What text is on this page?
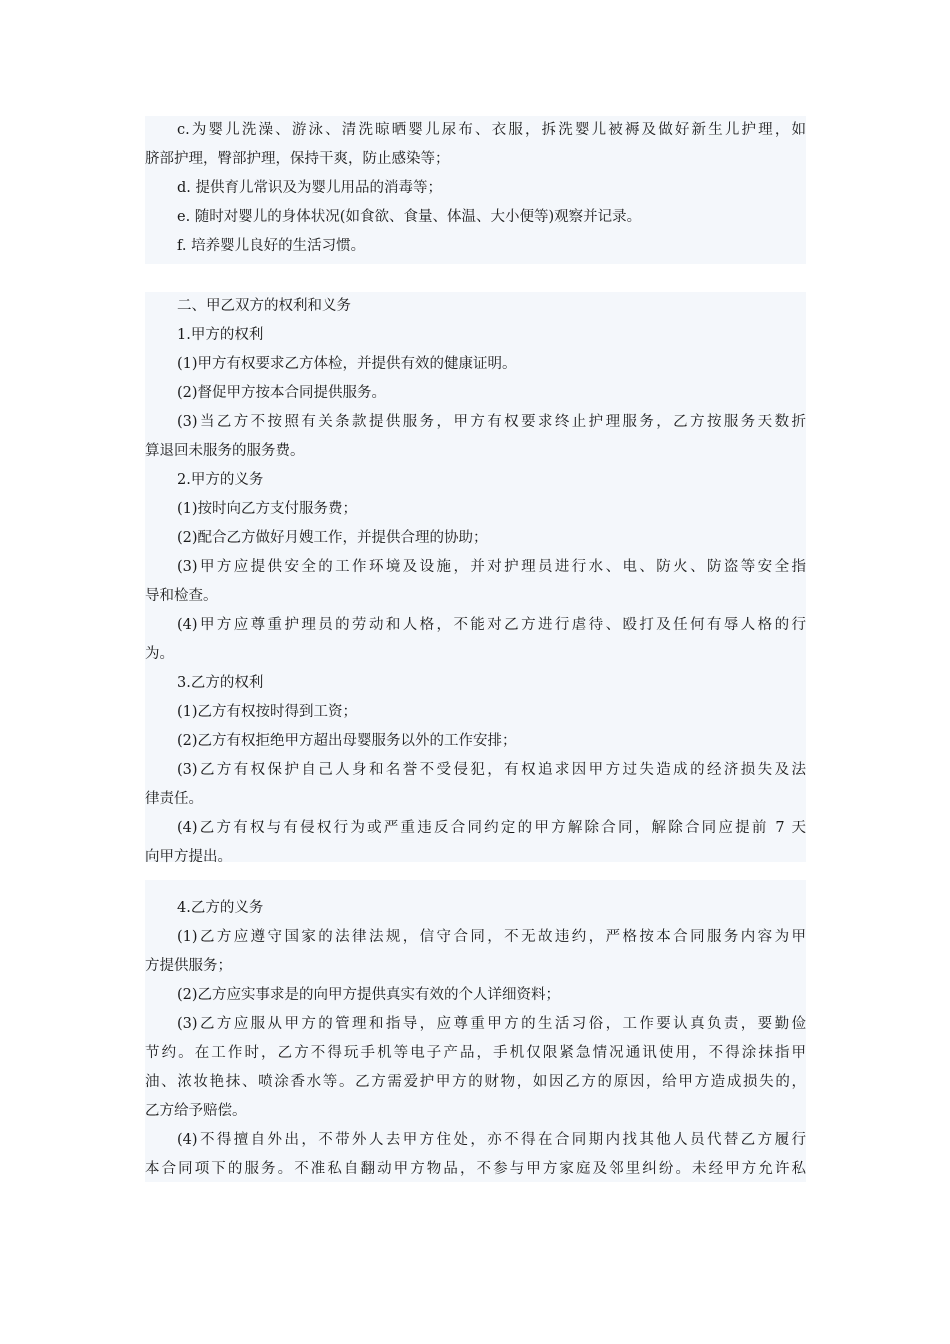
c.为婴儿洗澡、游泳、清洗晾晒婴儿尿布、衣服，拆洗婴儿被褥及做好新生儿护理，如
脐部护理，臀部护理，保持干爽，防止感染等；
d. 提供育儿常识及为婴儿用品的消毒等；
e. 随时对婴儿的身体状况(如食欲、食量、体温、大小便等)观察并记录。
f. 培养婴儿良好的生活习惯。
二、甲乙双方的权利和义务
1.甲方的权利
(1)甲方有权要求乙方体检，并提供有效的健康证明。
(2)督促甲方按本合同提供服务。
(3)当乙方不按照有关条款提供服务，甲方有权要求终止护理服务，乙方按服务天数折
算退回未服务的服务费。
2.甲方的义务
(1)按时向乙方支付服务费；
(2)配合乙方做好月嫂工作，并提供合理的协助；
(3)甲方应提供安全的工作环境及设施，并对护理员进行水、电、防火、防盗等安全指
导和检查。
(4)甲方应尊重护理员的劳动和人格，不能对乙方进行虐待、殴打及任何有辱人格的行
为。
3.乙方的权利
(1)乙方有权按时得到工资；
(2)乙方有权拒绝甲方超出母婴服务以外的工作安排；
(3)乙方有权保护自己人身和名誉不受侵犯，有权追求因甲方过失造成的经济损失及法
律责任。
(4)乙方有权与有侵权行为或严重违反合同约定的甲方解除合同，解除合同应提前 7 天
向甲方提出。
4.乙方的义务
(1)乙方应遵守国家的法律法规，信守合同，不无故违约，严格按本合同服务内容为甲
方提供服务；
(2)乙方应实事求是的向甲方提供真实有效的个人详细资料；
(3)乙方应服从甲方的管理和指导，应尊重甲方的生活习俗，工作要认真负责，要勤俭
节约。在工作时，乙方不得玩手机等电子产品，手机仅限紧急情况通讯使用，不得涂抹指甲
油、浓妆艳抹、喷涂香水等。乙方需爱护甲方的财物，如因乙方的原因，给甲方造成损失的，
乙方给予赔偿。
(4)不得擅自外出，不带外人去甲方住处，亦不得在合同期内找其他人员代替乙方履行
本合同项下的服务。不准私自翻动甲方物品，不参与甲方家庭及邻里纠纷。未经甲方允许私
